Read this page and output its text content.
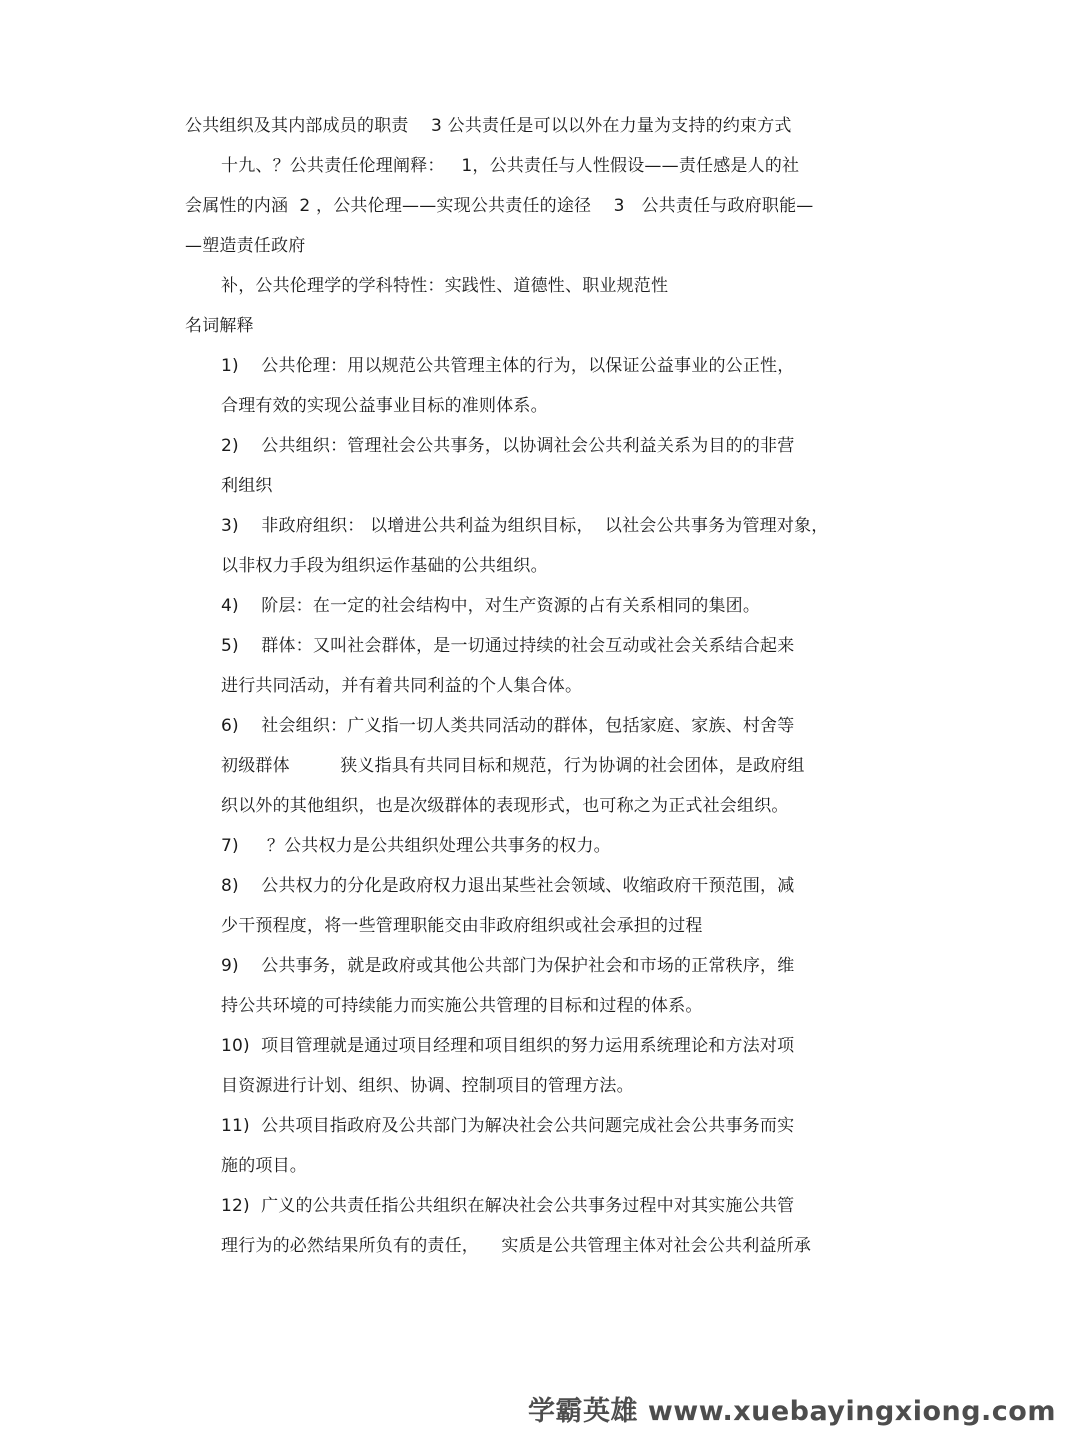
公共组织及其内部成员的职责    3 公共责任是可以以外在力量为支持的约束方式
十九、？公共责任伦理阐释：   1，公共责任与人性假设——责任感是人的社
会属性的内涵  2 ，公共伦理——实现公共责任的途径    3   公共责任与政府职能—
—塑造责任政府
补，公共伦理学的学科特性：实践性、道德性、职业规范性
名词解释
1)    公共伦理：用以规范公共管理主体的行为，以保证公益事业的公正性，
合理有效的实现公益事业目标的准则体系。
2)    公共组织：管理社会公共事务，以协调社会公共利益关系为目的的非营
利组织
3)    非政府组织： 以增进公共利益为组织目标，  以社会公共事务为管理对象，
以非权力手段为组织运作基础的公共组织。
4)    阶层：在一定的社会结构中，对生产资源的占有关系相同的集团。
5)    群体：又叫社会群体，是一切通过持续的社会互动或社会关系结合起来
进行共同活动，并有着共同利益的个人集合体。
6)    社会组织：广义指一切人类共同活动的群体，包括家庭、家族、村舍等
初级群体         狭义指具有共同目标和规范，行为协调的社会团体，是政府组
织以外的其他组织，也是次级群体的表现形式，也可称之为正式社会组织。
7)     ？公共权力是公共组织处理公共事务的权力。
8)    公共权力的分化是政府权力退出某些社会领域、收缩政府干预范围，减
少干预程度，将一些管理职能交由非政府组织或社会承担的过程
9)    公共事务，就是政府或其他公共部门为保护社会和市场的正常秩序，维
持公共环境的可持续能力而实施公共管理的目标和过程的体系。
10)  项目管理就是通过项目经理和项目组织的努力运用系统理论和方法对项
目资源进行计划、组织、协调、控制项目的管理方法。
11)  公共项目指政府及公共部门为解决社会公共问题完成社会公共事务而实
施的项目。
12)  广义的公共责任指公共组织在解决社会公共事务过程中对其实施公共管
理行为的必然结果所负有的责任，    实质是公共管理主体对社会公共利益所承
学霸英雄 www.xuebayingxiong.com
